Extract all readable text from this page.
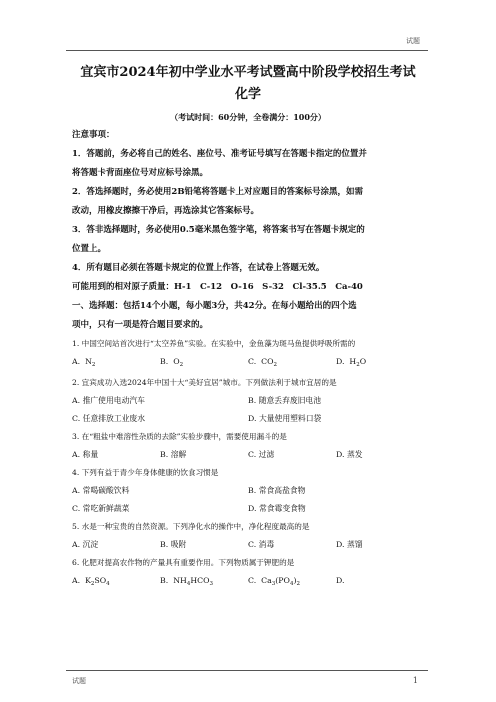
试题
宜宾市2024年初中学业水平考试暨高中阶段学校招生考试
化学
（考试时间：60分钟，全卷满分：100分）
注意事项：
1．答题前，务必将自己的姓名、座位号、准考证号填写在答题卡指定的位置并
将答题卡背面座位号对应标号涂黑。
2．答选择题时，务必使用2B铅笔将答题卡上对应题目的答案标号涂黑，如需
改动，用橡皮擦擦干净后，再选涂其它答案标号。
3．答非选择题时，务必使用0.5毫米黑色签字笔，将答案书写在答题卡规定的
位置上。
4．所有题目必须在答题卡规定的位置上作答，在试卷上答题无效。
可能用到的相对原子质量：H-1　C-12　O-16　S-32　Cl-35.5　Ca-40
一、选择题：包括14个小题，每小题3分，共42分。在每小题给出的四个选
项中，只有一项是符合题目要求的。
1. 中国空间站首次进行“太空养鱼”实验。在实验中，金鱼藻为斑马鱼提供呼吸所需的
A. $N_2$	B. $O_2$	C. $CO_2$	D. $H_2O$
2. 宜宾成功入选2024年中国十大“美好宜居”城市。下列做法利于城市宜居的是
A. 推广使用电动汽车	B. 随意丢弃废旧电池
C. 任意排放工业废水	D. 大量使用塑料口袋
3. 在“粗盐中难溶性杂质的去除”实验步骤中，需要使用漏斗的是
A. 称量	B. 溶解	C. 过滤	D. 蒸发
4. 下列有益于青少年身体健康的饮食习惯是
A. 常喝碳酸饮料	B. 常食高盐食物
C. 常吃新鲜蔬菜	D. 常食霉变食物
5. 水是一种宝贵的自然资源。下列净化水的操作中，净化程度最高的是
A. 沉淀	B. 吸附	C. 消毒	D. 蒸馏
6. 化肥对提高农作物的产量具有重要作用。下列物质属于钾肥的是
A. $K_2SO_4$	B. $NH_4HCO_3$	C. $Ca_3(PO_4)_2$	D.
试题	1
